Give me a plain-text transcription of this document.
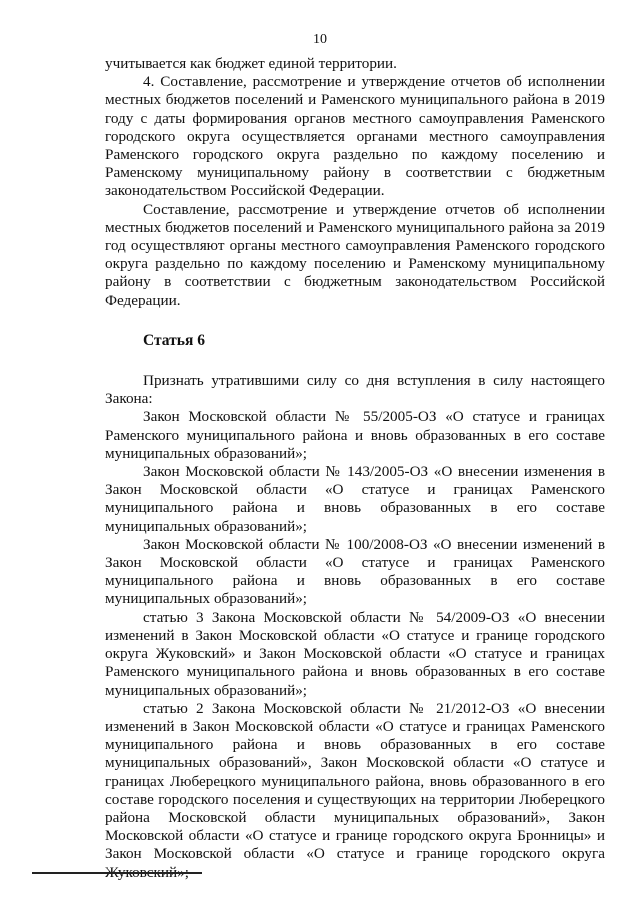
10

учитывается как бюджет единой территории.

4. Составление, рассмотрение и утверждение отчетов об исполнении местных бюджетов поселений и Раменского муниципального района в 2019 году с даты формирования органов местного самоуправления Раменского городского округа осуществляется органами местного самоуправления Раменского городского округа раздельно по каждому поселению и Раменскому муниципальному району в соответствии с бюджетным законодательством Российской Федерации.

Составление, рассмотрение и утверждение отчетов об исполнении местных бюджетов поселений и Раменского муниципального района за 2019 год осуществляют органы местного самоуправления Раменского городского округа раздельно по каждому поселению и Раменскому муниципальному району в соответствии с бюджетным законодательством Российской Федерации.

Статья 6

Признать утратившими силу со дня вступления в силу настоящего Закона:

Закон Московской области № 55/2005-ОЗ «О статусе и границах Раменского муниципального района и вновь образованных в его составе муниципальных образований»;

Закон Московской области № 143/2005-ОЗ «О внесении изменения в Закон Московской области «О статусе и границах Раменского муниципального района и вновь образованных в его составе муниципальных образований»;

Закон Московской области № 100/2008-ОЗ «О внесении изменений в Закон Московской области «О статусе и границах Раменского муниципального района и вновь образованных в его составе муниципальных образований»;

статью 3 Закона Московской области № 54/2009-ОЗ «О внесении изменений в Закон Московской области «О статусе и границе городского округа Жуковский» и Закон Московской области «О статусе и границах Раменского муниципального района и вновь образованных в его составе муниципальных образований»;

статью 2 Закона Московской области № 21/2012-ОЗ «О внесении изменений в Закон Московской области «О статусе и границах Раменского муниципального района и вновь образованных в его составе муниципальных образований», Закон Московской области «О статусе и границах Люберецкого муниципального района, вновь образованного в его составе городского поселения и существующих на территории Люберецкого района Московской области муниципальных образований», Закон Московской области «О статусе и границе городского округа Бронницы» и Закон Московской области «О статусе и границе городского округа Жуковский»;
